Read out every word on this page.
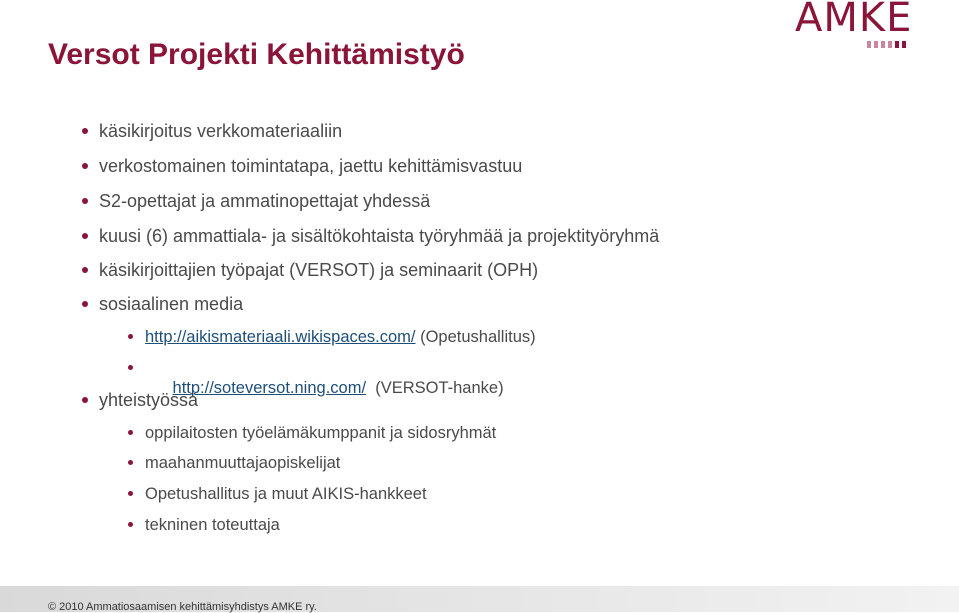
AMKE
Versot Projekti Kehittämistyö
käsikirjoitus verkkomateriaaliin
verkostomainen toimintatapa, jaettu kehittämisvastuu
S2-opettajat ja ammatinopettajat yhdessä
kuusi (6) ammattiala- ja sisältökohtaista työryhmää ja projektityöryhmä
käsikirjoittajien työpajat (VERSOT) ja seminaarit (OPH)
sosiaalinen media
http://aikismateriaali.wikispaces.com/ (Opetushallitus)

http://soteversot.ning.com/  (VERSOT-hanke)

yhteistyössä
oppilaitosten työelämäkumppanit ja sidosryhmät
maahanmuuttajaopiskelijat
Opetushallitus ja muut AIKIS-hankkeet
tekninen toteuttaja
© 2010 Ammatiosaamisen kehittämisyhdistys AMKE ry.
